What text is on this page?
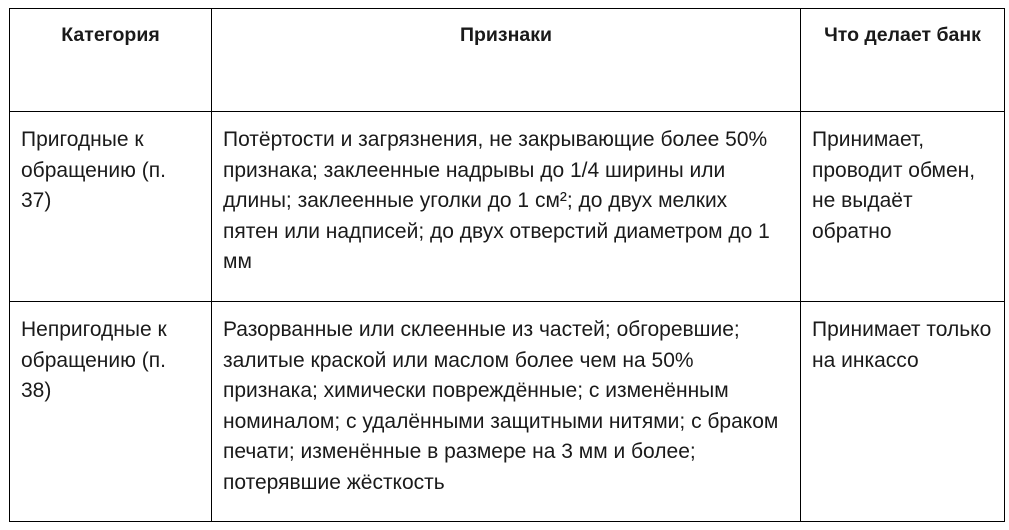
Категория	Признаки	Что делает банк
Пригодные к обращению (п. 37)	Потёртости и загрязнения, не закрывающие более 50% признака; заклеенные надрывы до 1/4 ширины или длины; заклеенные уголки до 1 см²; до двух мелких пятен или надписей; до двух отверстий диаметром до 1 мм	Принимает, проводит обмен, не выдаёт обратно
Непригодные к обращению (п. 38)	Разорванные или склеенные из частей; обгоревшие; залитые краской или маслом более чем на 50% признака; химически повреждённые; с изменённым номиналом; с удалёнными защитными нитями; с браком печати; изменённые в размере на 3 мм и более; потерявшие жёсткость	Принимает только на инкассо
